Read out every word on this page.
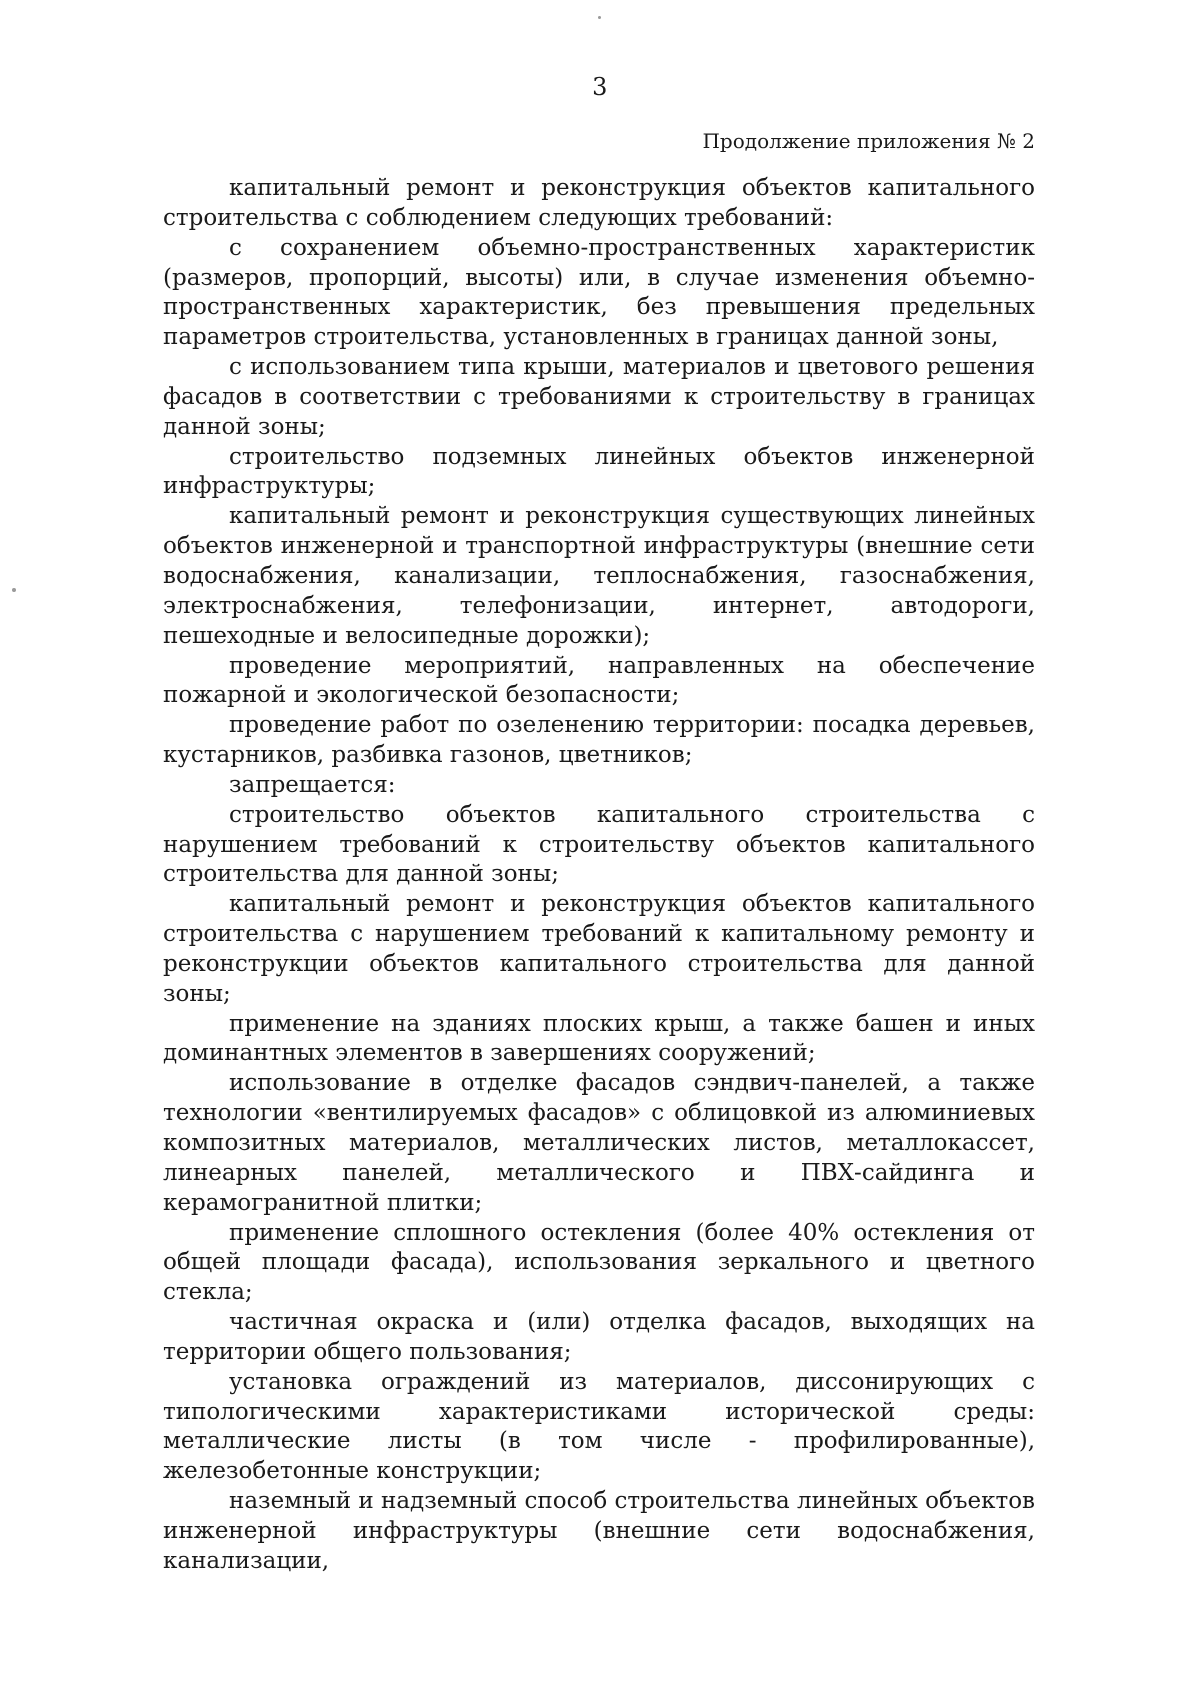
3
Продолжение приложения № 2

капитальный ремонт и реконструкция объектов капитального строительства с соблюдением следующих требований:

с сохранением объемно-пространственных характеристик (размеров, пропорций, высоты) или, в случае изменения объемно-пространственных характеристик, без превышения предельных параметров строительства, установленных в границах данной зоны,

с использованием типа крыши, материалов и цветового решения фасадов в соответствии с требованиями к строительству в границах данной зоны;

строительство подземных линейных объектов инженерной инфраструктуры;

капитальный ремонт и реконструкция существующих линейных объектов инженерной и транспортной инфраструктуры (внешние сети водоснабжения, канализации, теплоснабжения, газоснабжения, электроснабжения, телефонизации, интернет, автодороги, пешеходные и велосипедные дорожки);

проведение мероприятий, направленных на обеспечение пожарной и экологической безопасности;

проведение работ по озеленению территории: посадка деревьев, кустарников, разбивка газонов, цветников;

запрещается:

строительство объектов капитального строительства с нарушением требований к строительству объектов капитального строительства для данной зоны;

капитальный ремонт и реконструкция объектов капитального строительства с нарушением требований к капитальному ремонту и реконструкции объектов капитального строительства для данной зоны;

применение на зданиях плоских крыш, а также башен и иных доминантных элементов в завершениях сооружений;

использование в отделке фасадов сэндвич-панелей, а также технологии «вентилируемых фасадов» с облицовкой из алюминиевых композитных материалов, металлических листов, металлокассет, линеарных панелей, металлического и ПВХ-сайдинга и керамогранитной плитки;

применение сплошного остекления (более 40% остекления от общей площади фасада), использования зеркального и цветного стекла;

частичная окраска и (или) отделка фасадов, выходящих на территории общего пользования;

установка ограждений из материалов, диссонирующих с типологическими характеристиками исторической среды: металлические листы (в том числе - профилированные), железобетонные конструкции;

наземный и надземный способ строительства линейных объектов инженерной инфраструктуры (внешние сети водоснабжения, канализации,
